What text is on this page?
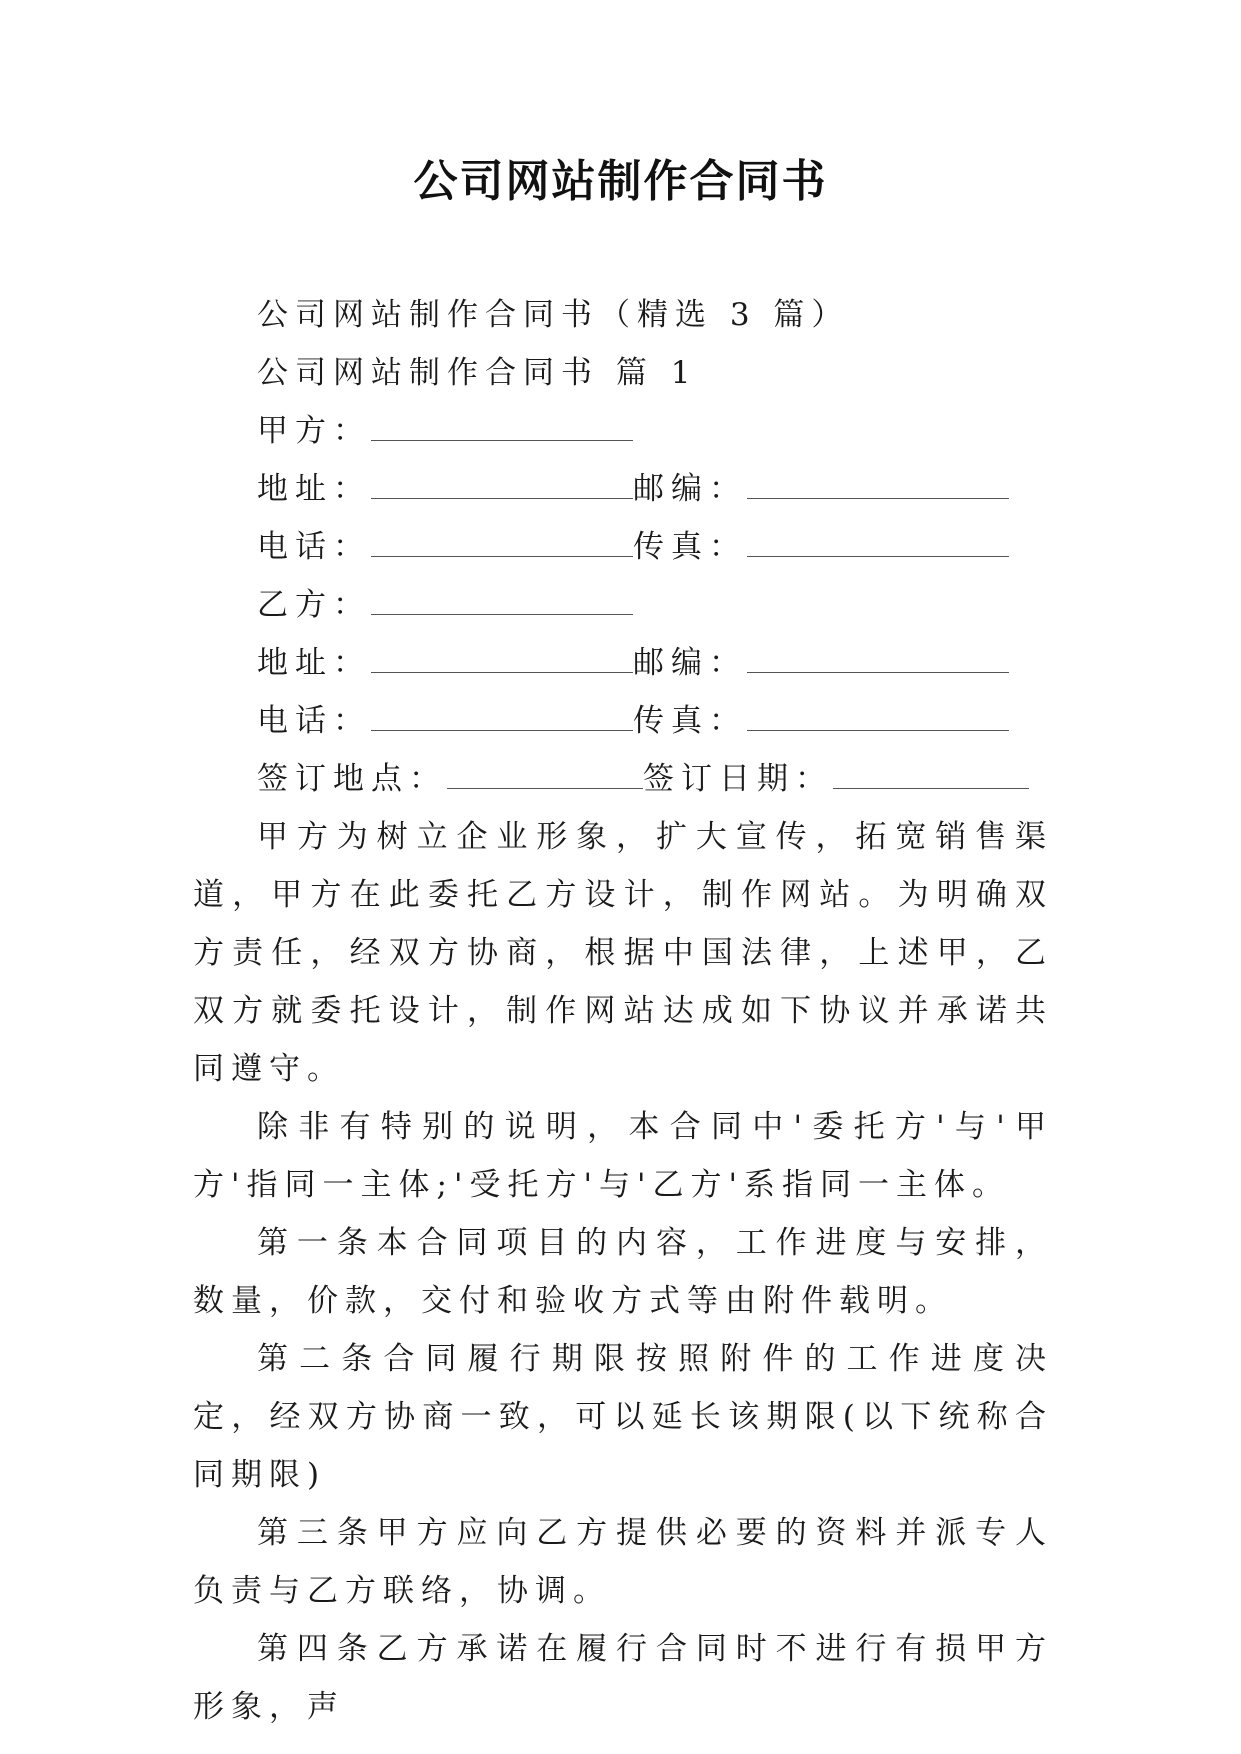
公司网站制作合同书
公司网站制作合同书（精选 3 篇）
公司网站制作合同书 篇 1
甲方：
地址：	邮编：
电话：	传真：
乙方：
地址：	邮编：
电话：	传真：
签订地点：	签订日期：
甲方为树立企业形象，扩大宣传，拓宽销售渠道，甲方在此委托乙方设计，制作网站。为明确双方责任，经双方协商，根据中国法律，上述甲，乙双方就委托设计，制作网站达成如下协议并承诺共同遵守。
除非有特别的说明，本合同中'委托方'与'甲方'指同一主体;'受托方'与'乙方'系指同一主体。
第一条本合同项目的内容，工作进度与安排，数量，价款，交付和验收方式等由附件载明。
第二条合同履行期限按照附件的工作进度决定，经双方协商一致，可以延长该期限(以下统称合同期限)
第三条甲方应向乙方提供必要的资料并派专人负责与乙方联络，协调。
第四条乙方承诺在履行合同时不进行有损甲方形象，声
